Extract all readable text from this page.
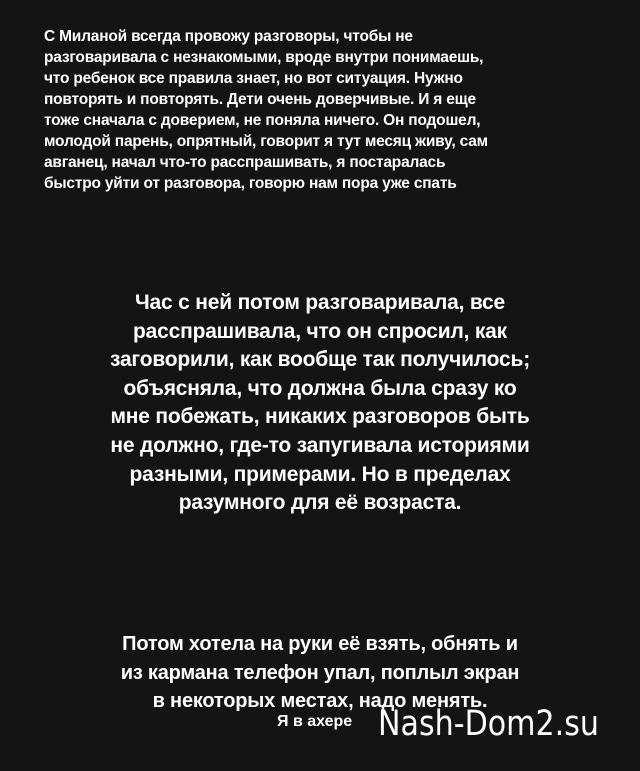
С Миланой всегда провожу разговоры, чтобы не
разговаривала с незнакомыми, вроде внутри понимаешь,
что ребенок все правила знает, но вот ситуация. Нужно
повторять и повторять. Дети очень доверчивые. И я еще
тоже сначала с доверием, не поняла ничего. Он подошел,
молодой парень, опрятный, говорит я тут месяц живу, сам
авганец, начал что-то расспрашивать, я постаралась
быстро уйти от разговора, говорю нам пора уже спать
Час с ней потом разговаривала, все
расспрашивала, что он спросил, как
заговорили, как вообще так получилось;
объясняла, что должна была сразу ко
мне побежать, никаких разговоров быть
не должно, где-то запугивала историями
разными, примерами. Но в пределах
разумного для её возраста.
Потом хотела на руки её взять, обнять и
из кармана телефон упал, поплыл экран
в некоторых местах, надо менять.
Я в ахере Nash-Dom2.su
